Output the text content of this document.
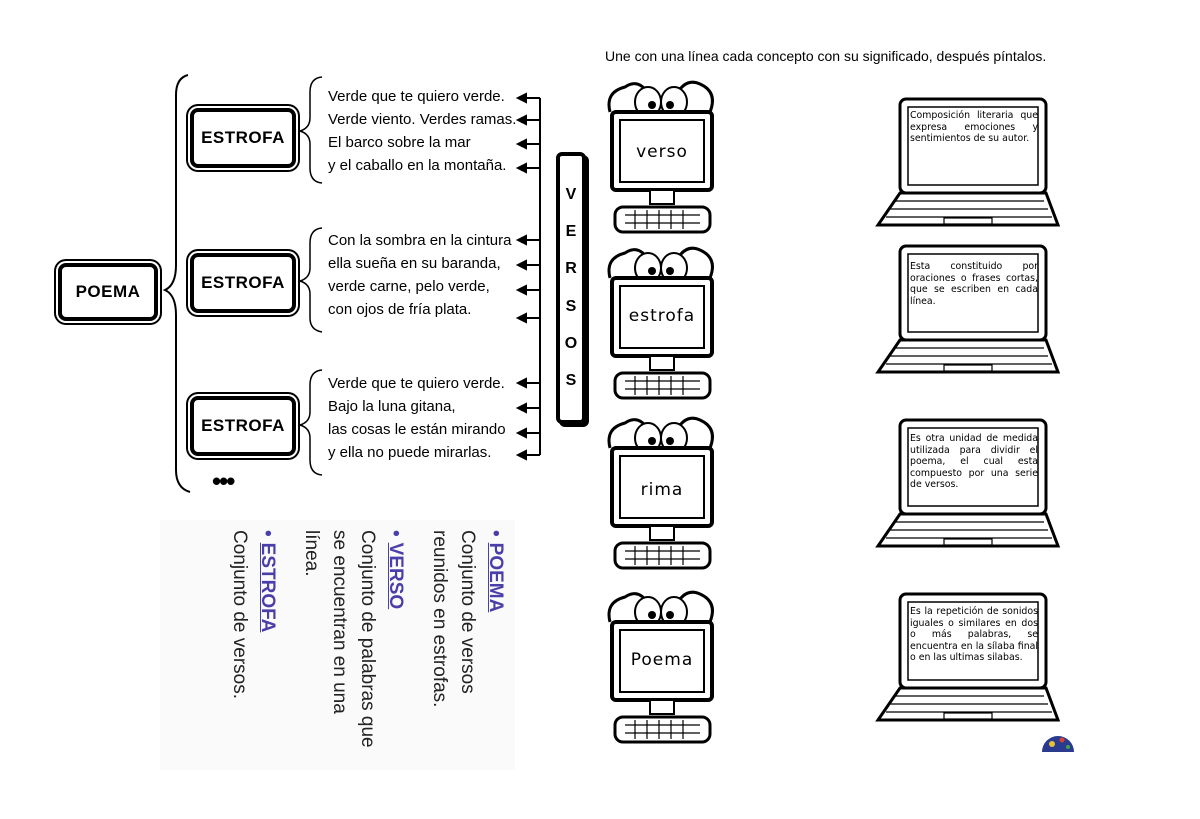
Une con una línea cada concepto con su significado, después píntalos.
POEMA
ESTROFA
ESTROFA
ESTROFA
Verde que te quiero verde.
Verde viento. Verdes ramas.
El barco sobre la mar
y el caballo en la montaña.
Con la sombra en la cintura
ella sueña en su baranda,
verde carne, pelo verde,
con ojos de fría plata.
Verde que te quiero verde.
Bajo la luna gitana,
las cosas le están mirando
y ella no puede mirarlas.
V
E
R
S
O
S
•••
•POEMA
Conjunto de versos reunidos en estrofas.
•VERSO
Conjunto de palabras que se encuentran en una línea.
•ESTROFA
Conjunto de versos.
verso
estrofa
rima
Poema
Composición literaria que expresa emociones y sentimientos de su autor.
Esta constituido por oraciones o frases cortas, que se escriben en cada línea.
Es otra unidad de medida utilizada para dividir el poema, el cual esta compuesto por una serie de versos.
Es la repetición de sonidos iguales o similares en dos o más palabras, se encuentra en la sílaba final o en las ultimas silabas.
